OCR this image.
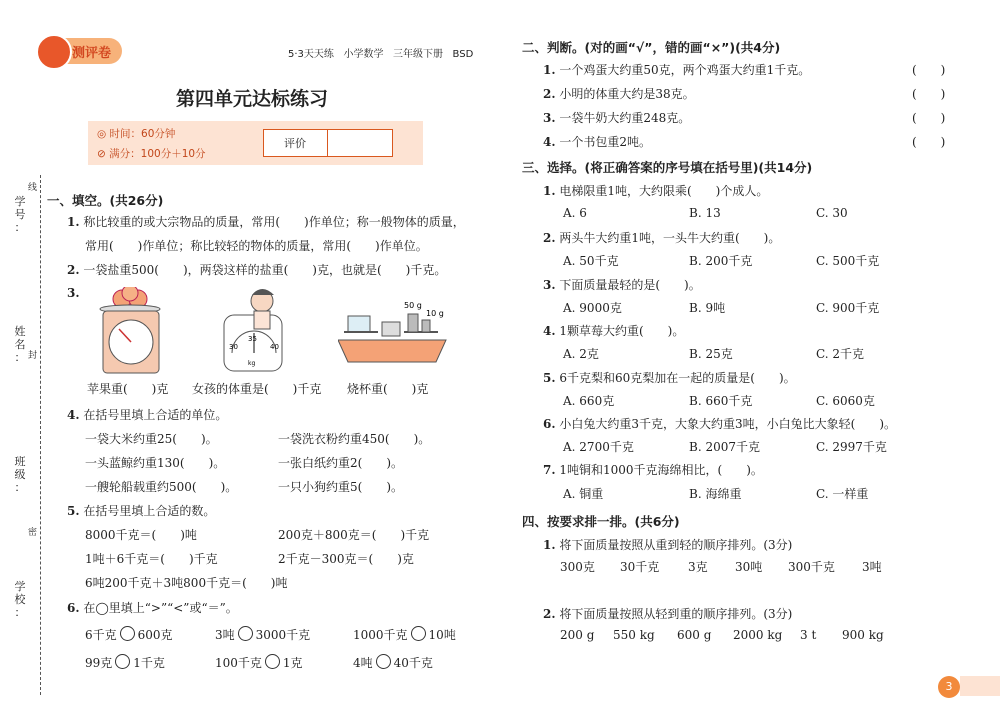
学
号
：
姓
名
：
班
级
：
学
校
：
线
封
密
测评卷	5·3天天练 小学数学 三年级下册 BSD
第四单元达标练习
◎ 时间：60分钟
⊘ 满分：100分＋10分
评价
一、填空。(共26分)
1. 称比较重的或大宗物品的质量，常用(　　)作单位；称一般物体的质量，
常用(　　)作单位；称比较轻的物体的质量，常用(　　)作单位。
2. 一袋盐重500(　　)，两袋这样的盐重(　　)克，也就是(　　)千克。
3.
苹果重(　　)克
35
30	40
kg
女孩的体重是(　　)千克
50 g
10 g
烧杯重(　　)克
4. 在括号里填上合适的单位。
一袋大米约重25(　　)。	一袋洗衣粉约重450(　　)。
一头蓝鲸约重130(　　)。	一张白纸约重2(　　)。
一艘轮船载重约500(　　)。	一只小狗约重5(　　)。
5. 在括号里填上合适的数。
8000千克＝(　　)吨	200克＋800克＝(　　)千克
1吨＋6千克＝(　　)千克	2千克－300克＝(　　)克
6吨200千克＋3吨800千克＝(　　)吨
6. 在◯里填上“>”“<”或“＝”。
6千克 600克	3吨 3000千克	1000千克 10吨
99克 1千克	100千克 1克	4吨 40千克
二、判断。(对的画“√”，错的画“×”)(共4分)
1. 一个鸡蛋大约重50克，两个鸡蛋大约重1千克。	(　　)
2. 小明的体重大约是38克。	(　　)
3. 一袋牛奶大约重248克。	(　　)
4. 一个书包重2吨。	(　　)
三、选择。(将正确答案的序号填在括号里)(共14分)
1. 电梯限重1吨，大约限乘(　　)个成人。
A. 6	B. 13	C. 30
2. 两头牛大约重1吨，一头牛大约重(　　)。
A. 50千克	B. 200千克	C. 500千克
3. 下面质量最轻的是(　　)。
A. 9000克	B. 9吨	C. 900千克
4. 1颗草莓大约重(　　)。
A. 2克	B. 25克	C. 2千克
5. 6千克梨和60克梨加在一起的质量是(　　)。
A. 660克	B. 660千克	C. 6060克
6. 小白兔大约重3千克，大象大约重3吨，小白兔比大象轻(　　)。
A. 2700千克	B. 2007千克	C. 2997千克
7. 1吨铜和1000千克海绵相比，(　　)。
A. 铜重	B. 海绵重	C. 一样重
四、按要求排一排。(共6分)
1. 将下面质量按照从重到轻的顺序排列。(3分)
300克 30千克 3克 30吨 300千克 3吨
2. 将下面质量按照从轻到重的顺序排列。(3分)
200 g 550 kg 600 g 2000 kg 3 t 900 kg
3
